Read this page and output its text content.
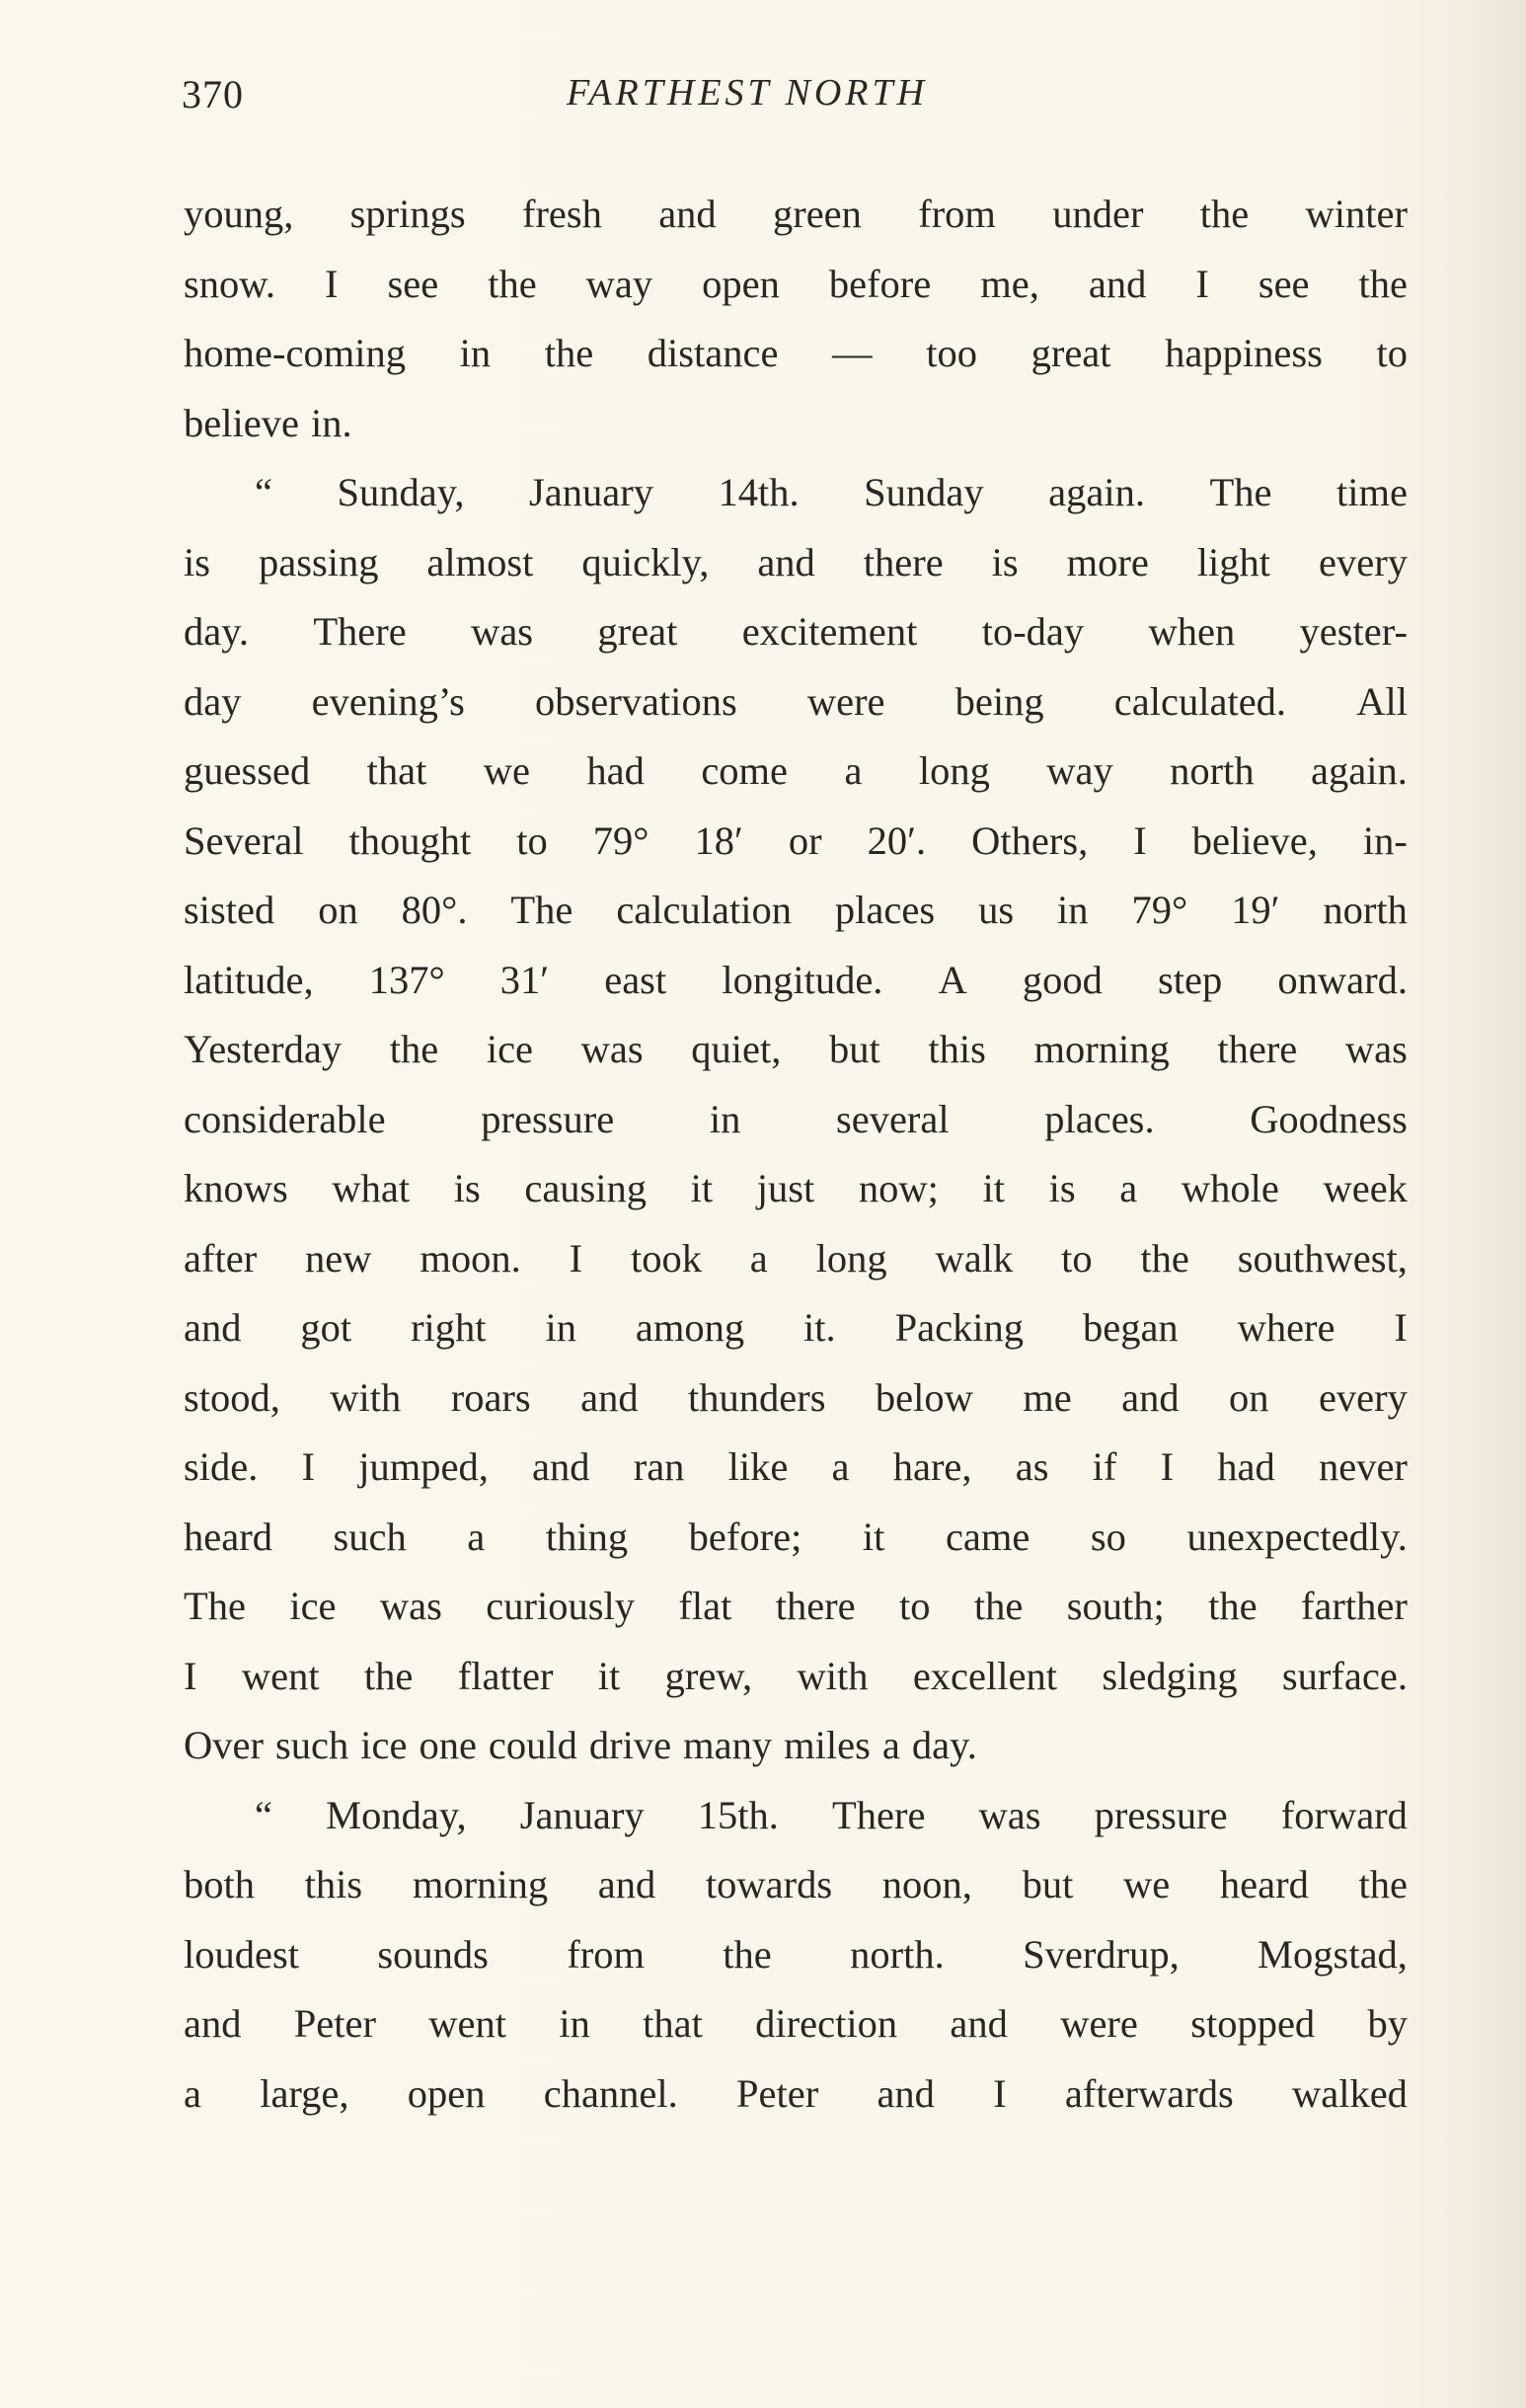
370	FARTHEST NORTH
young, springs fresh and green from under the winter
snow. I see the way open before me, and I see the
home-coming in the distance — too great happiness to
believe in.
“ Sunday, January 14th. Sunday again. The time
is passing almost quickly, and there is more light every
day. There was great excitement to-day when yester-
day evening’s observations were being calculated. All
guessed that we had come a long way north again.
Several thought to 79° 18′ or 20′. Others, I believe, in-
sisted on 80°. The calculation places us in 79° 19′ north
latitude, 137° 31′ east longitude. A good step onward.
Yesterday the ice was quiet, but this morning there was
considerable pressure in several places. Goodness
knows what is causing it just now; it is a whole week
after new moon. I took a long walk to the southwest,
and got right in among it. Packing began where I
stood, with roars and thunders below me and on every
side. I jumped, and ran like a hare, as if I had never
heard such a thing before; it came so unexpectedly.
The ice was curiously flat there to the south; the farther
I went the flatter it grew, with excellent sledging surface.
Over such ice one could drive many miles a day.
“ Monday, January 15th. There was pressure forward
both this morning and towards noon, but we heard the
loudest sounds from the north. Sverdrup, Mogstad,
and Peter went in that direction and were stopped by
a large, open channel. Peter and I afterwards walked
